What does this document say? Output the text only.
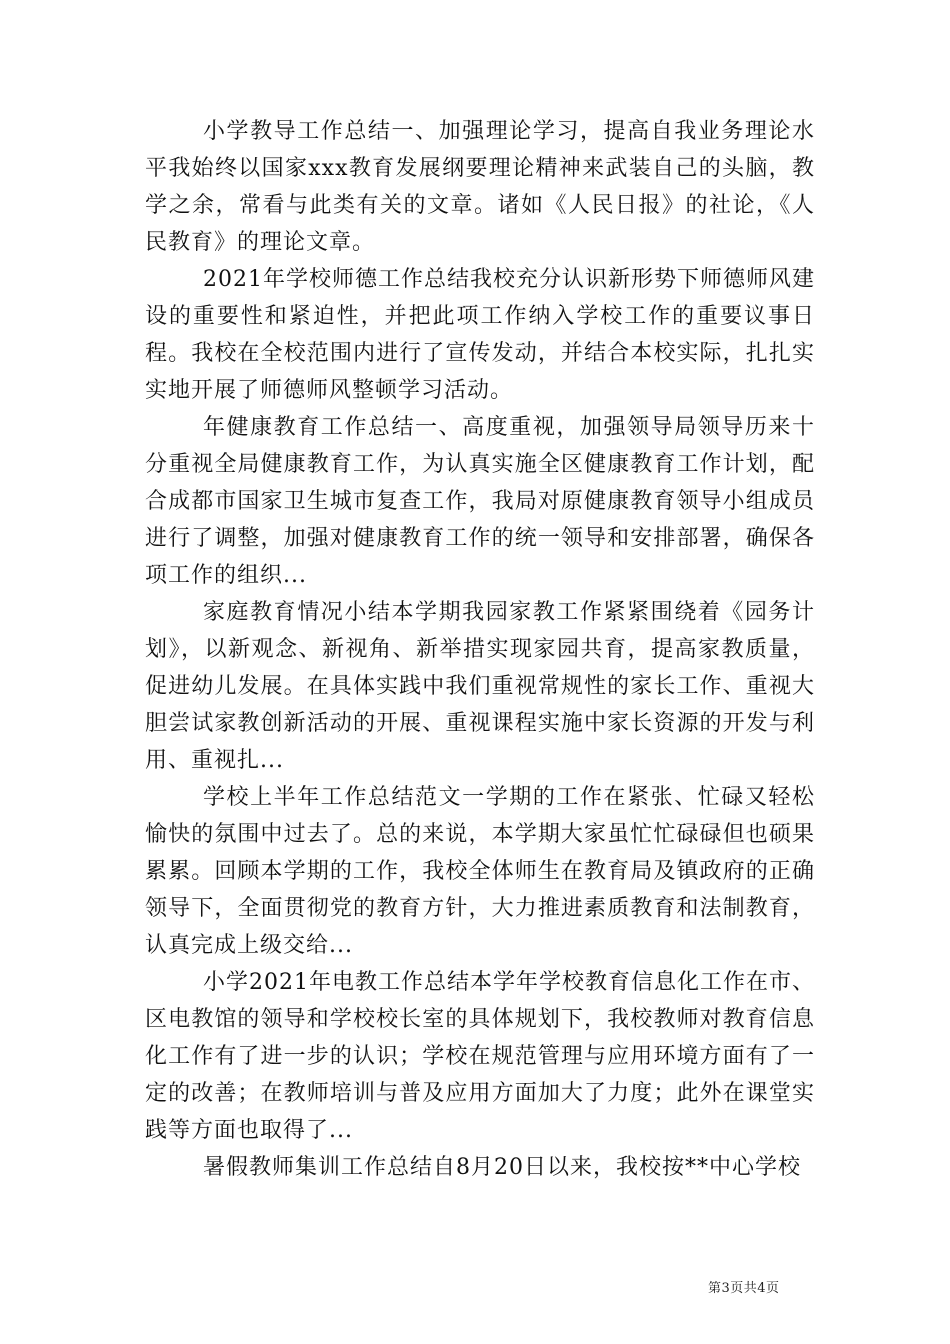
小学教导工作总结一、加强理论学习，提高自我业务理论水平我始终以国家xxx教育发展纲要理论精神来武装自己的头脑，教学之余，常看与此类有关的文章。诸如《人民日报》的社论，《人民教育》的理论文章。

2021年学校师德工作总结我校充分认识新形势下师德师风建设的重要性和紧迫性，并把此项工作纳入学校工作的重要议事日程。我校在全校范围内进行了宣传发动，并结合本校实际，扎扎实实地开展了师德师风整顿学习活动。

年健康教育工作总结一、高度重视，加强领导局领导历来十分重视全局健康教育工作，为认真实施全区健康教育工作计划，配合成都市国家卫生城市复查工作，我局对原健康教育领导小组成员进行了调整，加强对健康教育工作的统一领导和安排部署，确保各项工作的组织...

家庭教育情况小结本学期我园家教工作紧紧围绕着《园务计划》，以新观念、新视角、新举措实现家园共育，提高家教质量，促进幼儿发展。在具体实践中我们重视常规性的家长工作、重视大胆尝试家教创新活动的开展、重视课程实施中家长资源的开发与利用、重视扎...

学校上半年工作总结范文一学期的工作在紧张、忙碌又轻松愉快的氛围中过去了。总的来说，本学期大家虽忙忙碌碌但也硕果累累。回顾本学期的工作，我校全体师生在教育局及镇政府的正确领导下，全面贯彻党的教育方针，大力推进素质教育和法制教育，认真完成上级交给...

小学2021年电教工作总结本学年学校教育信息化工作在市、区电教馆的领导和学校校长室的具体规划下，我校教师对教育信息化工作有了进一步的认识；学校在规范管理与应用环境方面有了一定的改善；在教师培训与普及应用方面加大了力度；此外在课堂实践等方面也取得了...

暑假教师集训工作总结自8月20日以来，我校按**中心学校

第3页共4页
